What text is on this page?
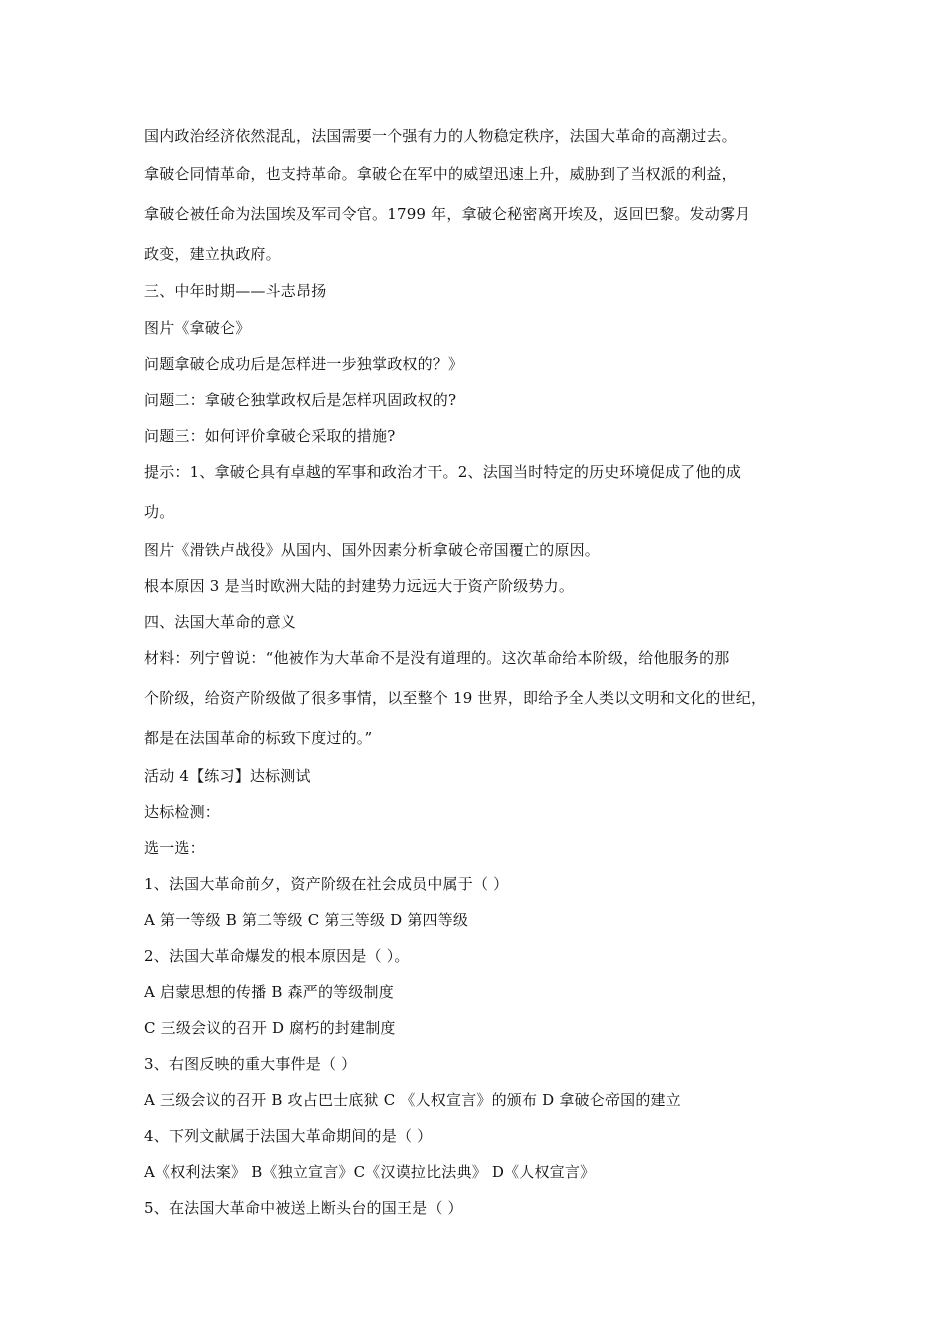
国内政治经济依然混乱，法国需要一个强有力的人物稳定秩序，法国大革命的高潮过去。
拿破仑同情革命，也支持革命。拿破仑在军中的威望迅速上升，威胁到了当权派的利益，
拿破仑被任命为法国埃及军司令官。1799 年，拿破仑秘密离开埃及，返回巴黎。发动雾月
政变，建立执政府。
三、中年时期——斗志昂扬
图片《拿破仑》
问题拿破仑成功后是怎样进一步独掌政权的？》
问题二：拿破仑独掌政权后是怎样巩固政权的?
问题三：如何评价拿破仑采取的措施?
提示：1、拿破仑具有卓越的军事和政治才干。2、法国当时特定的历史环境促成了他的成
功。
图片《滑铁卢战役》从国内、国外因素分析拿破仑帝国覆亡的原因。
根本原因 3 是当时欧洲大陆的封建势力远远大于资产阶级势力。
四、法国大革命的意义
材料：列宁曾说：“他被作为大革命不是没有道理的。这次革命给本阶级，给他服务的那
个阶级，给资产阶级做了很多事情，以至整个 19 世界，即给予全人类以文明和文化的世纪，
都是在法国革命的标致下度过的。”
活动 4【练习】达标测试
达标检测：
选一选：
1、法国大革命前夕，资产阶级在社会成员中属于（ ）
A 第一等级 B 第二等级 C 第三等级 D 第四等级
2、法国大革命爆发的根本原因是（ ）。
A 启蒙思想的传播 B 森严的等级制度
C 三级会议的召开 D 腐朽的封建制度
3、右图反映的重大事件是（ ）
A 三级会议的召开 B 攻占巴士底狱 C 《人权宣言》的颁布 D 拿破仑帝国的建立
4、下列文献属于法国大革命期间的是（ ）
A《权利法案》 B《独立宣言》C《汉谟拉比法典》 D《人权宣言》
5、在法国大革命中被送上断头台的国王是（ ）
